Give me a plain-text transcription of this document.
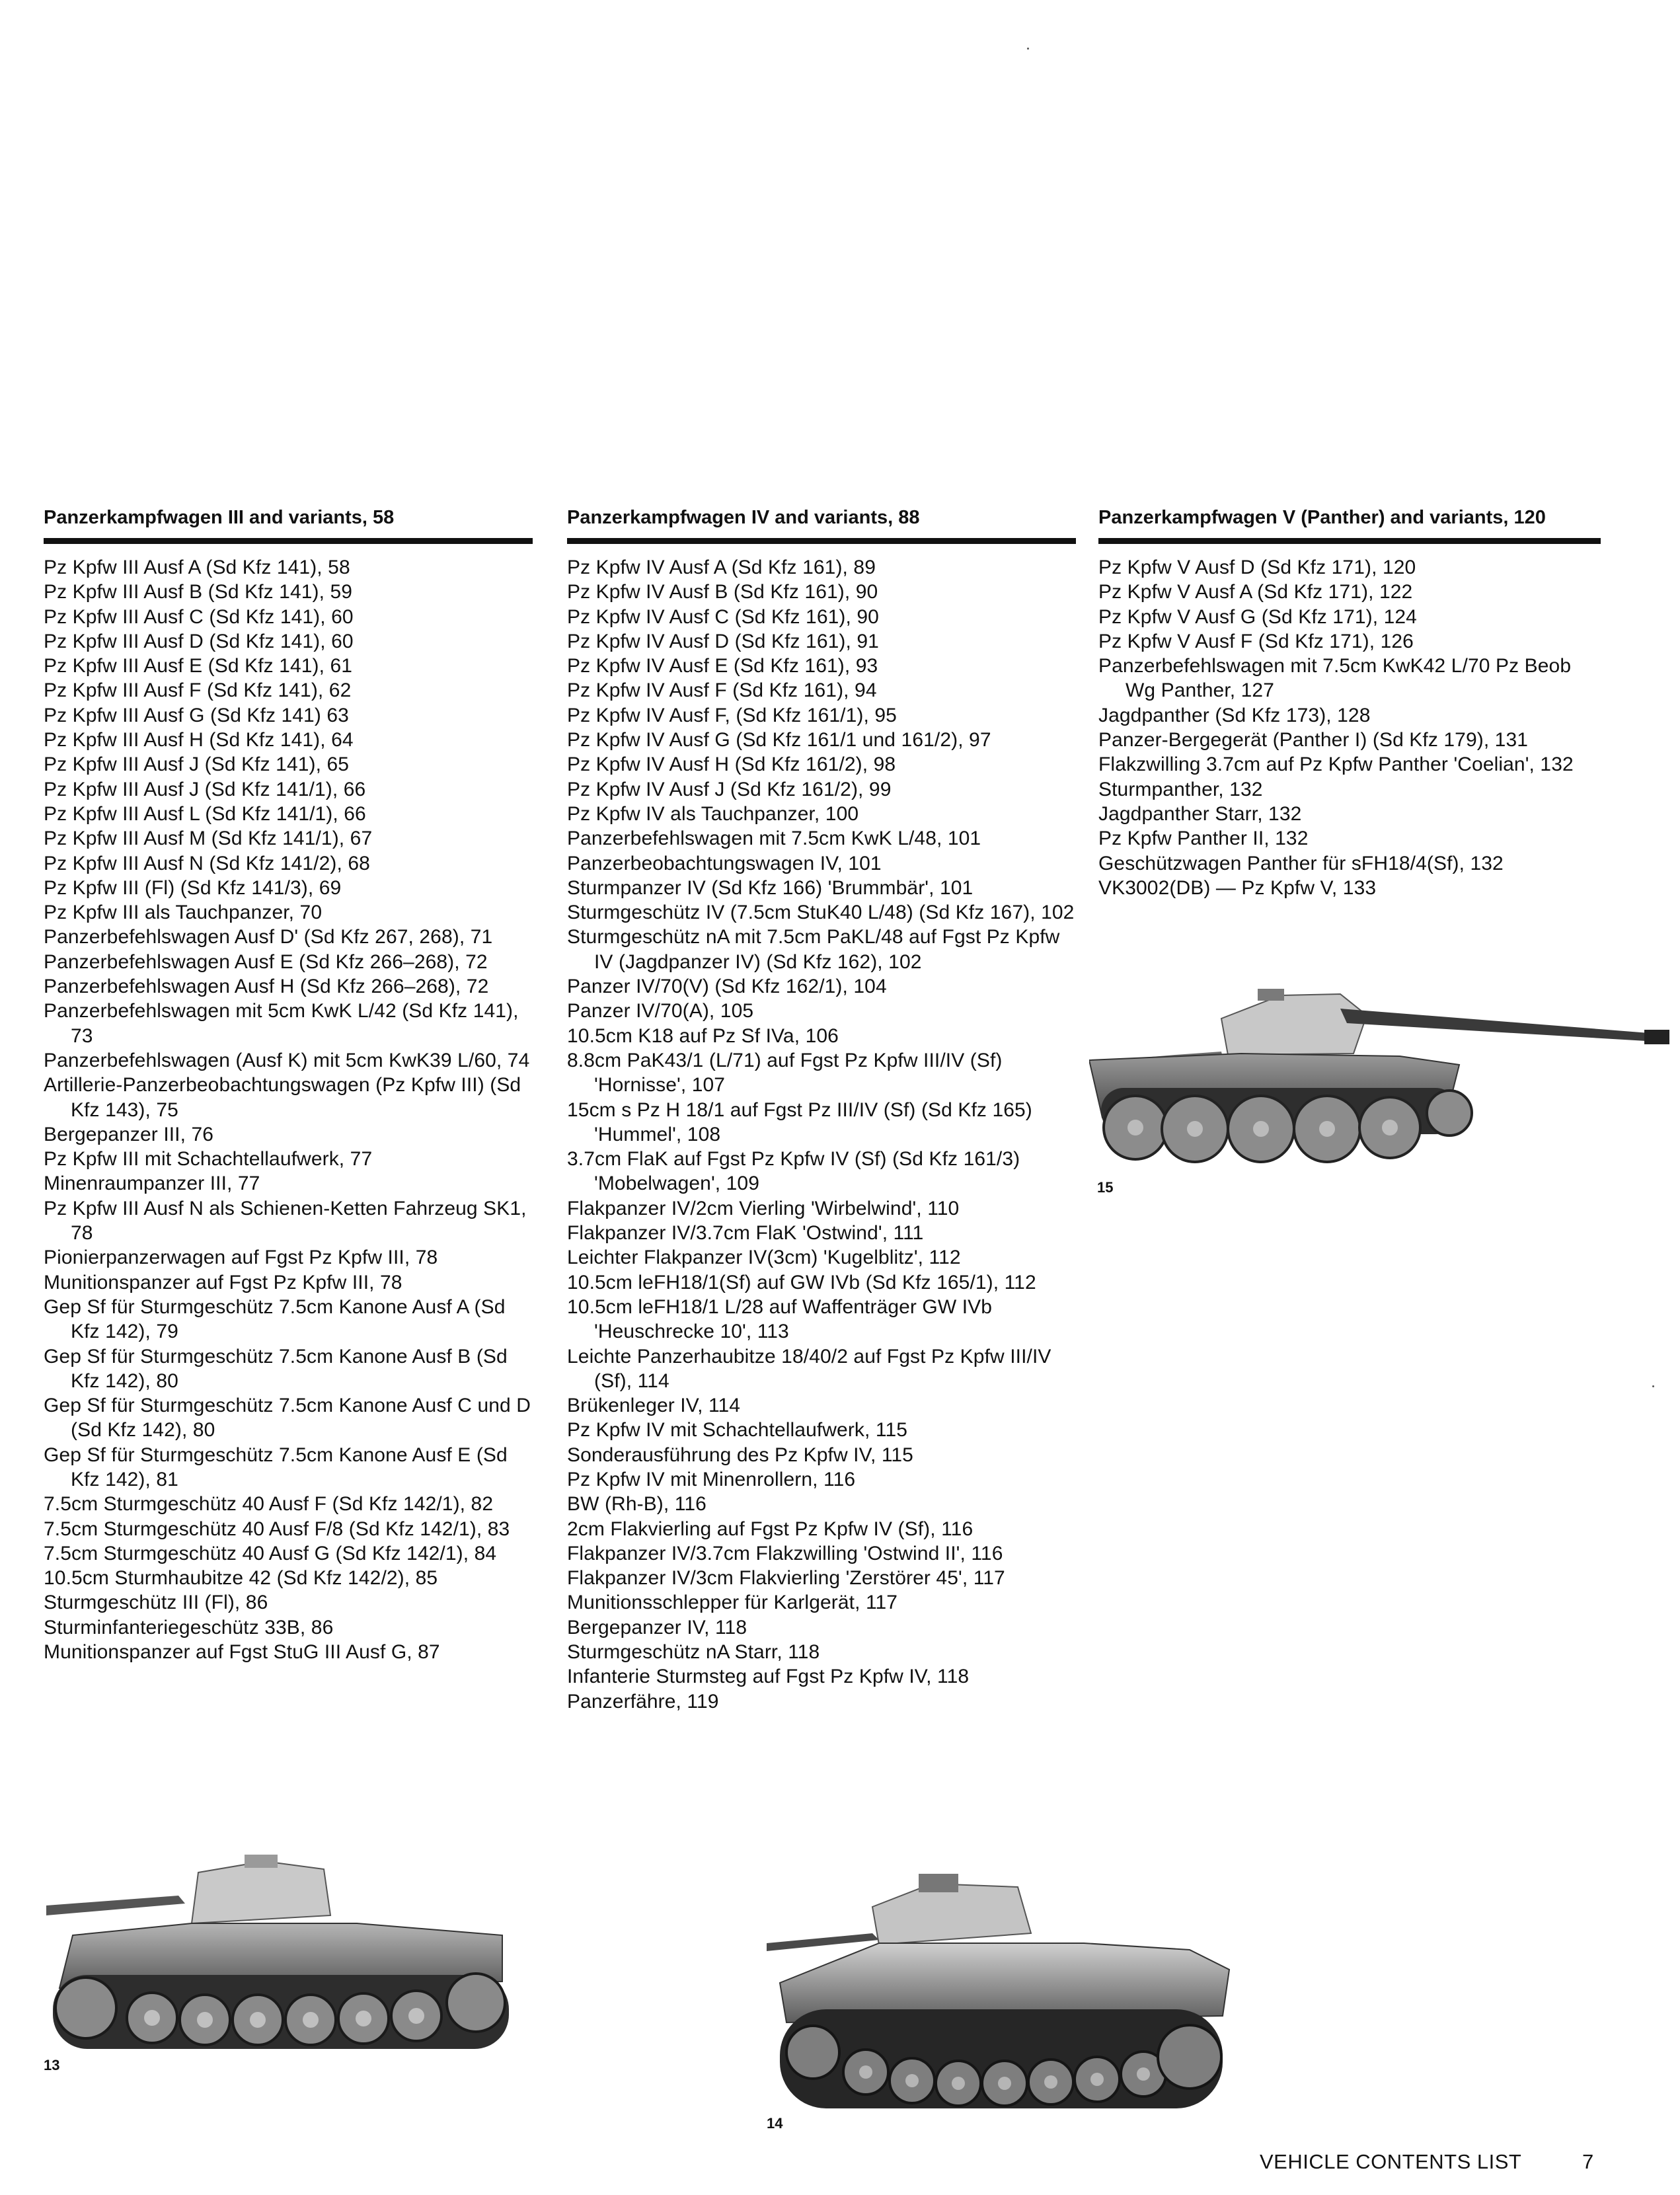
Panzerkampfwagen III and variants, 58
Pz Kpfw III Ausf A (Sd Kfz 141), 58
Pz Kpfw III Ausf B (Sd Kfz 141), 59
Pz Kpfw III Ausf C (Sd Kfz 141), 60
Pz Kpfw III Ausf D (Sd Kfz 141), 60
Pz Kpfw III Ausf E (Sd Kfz 141), 61
Pz Kpfw III Ausf F (Sd Kfz 141), 62
Pz Kpfw III Ausf G (Sd Kfz 141) 63
Pz Kpfw III Ausf H (Sd Kfz 141), 64
Pz Kpfw III Ausf J (Sd Kfz 141), 65
Pz Kpfw III Ausf J (Sd Kfz 141/1), 66
Pz Kpfw III Ausf L (Sd Kfz 141/1), 66
Pz Kpfw III Ausf M (Sd Kfz 141/1), 67
Pz Kpfw III Ausf N (Sd Kfz 141/2), 68
Pz Kpfw III (Fl) (Sd Kfz 141/3), 69
Pz Kpfw III als Tauchpanzer, 70
Panzerbefehlswagen Ausf D' (Sd Kfz 267, 268), 71
Panzerbefehlswagen Ausf E (Sd Kfz 266–268), 72
Panzerbefehlswagen Ausf H (Sd Kfz 266–268), 72
Panzerbefehlswagen mit 5cm KwK L/42 (Sd Kfz 141), 73
Panzerbefehlswagen (Ausf K) mit 5cm KwK39 L/60, 74
Artillerie-Panzerbeobachtungswagen (Pz Kpfw III) (Sd Kfz 143), 75
Bergepanzer III, 76
Pz Kpfw III mit Schachtellaufwerk, 77
Minenraumpanzer III, 77
Pz Kpfw III Ausf N als Schienen-Ketten Fahrzeug SK1, 78
Pionierpanzerwagen auf Fgst Pz Kpfw III, 78
Munitionspanzer auf Fgst Pz Kpfw III, 78
Gep Sf für Sturmgeschütz 7.5cm Kanone Ausf A (Sd Kfz 142), 79
Gep Sf für Sturmgeschütz 7.5cm Kanone Ausf B (Sd Kfz 142), 80
Gep Sf für Sturmgeschütz 7.5cm Kanone Ausf C und D (Sd Kfz 142), 80
Gep Sf für Sturmgeschütz 7.5cm Kanone Ausf E (Sd Kfz 142), 81
7.5cm Sturmgeschütz 40 Ausf F (Sd Kfz 142/1), 82
7.5cm Sturmgeschütz 40 Ausf F/8 (Sd Kfz 142/1), 83
7.5cm Sturmgeschütz 40 Ausf G (Sd Kfz 142/1), 84
10.5cm Sturmhaubitze 42 (Sd Kfz 142/2), 85
Sturmgeschütz III (Fl), 86
Sturminfanteriegeschütz 33B, 86
Munitionspanzer auf Fgst StuG III Ausf G, 87
Panzerkampfwagen IV and variants, 88
Pz Kpfw IV Ausf A (Sd Kfz 161), 89
Pz Kpfw IV Ausf B (Sd Kfz 161), 90
Pz Kpfw IV Ausf C (Sd Kfz 161), 90
Pz Kpfw IV Ausf D (Sd Kfz 161), 91
Pz Kpfw IV Ausf E (Sd Kfz 161), 93
Pz Kpfw IV Ausf F (Sd Kfz 161), 94
Pz Kpfw IV Ausf F, (Sd Kfz 161/1), 95
Pz Kpfw IV Ausf G (Sd Kfz 161/1 und 161/2), 97
Pz Kpfw IV Ausf H (Sd Kfz 161/2), 98
Pz Kpfw IV Ausf J (Sd Kfz 161/2), 99
Pz Kpfw IV als Tauchpanzer, 100
Panzerbefehlswagen mit 7.5cm KwK L/48, 101
Panzerbeobachtungswagen IV, 101
Sturmpanzer IV (Sd Kfz 166) 'Brummbär', 101
Sturmgeschütz IV (7.5cm StuK40 L/48) (Sd Kfz 167), 102
Sturmgeschütz nA mit 7.5cm PaKL/48 auf Fgst Pz Kpfw IV (Jagdpanzer IV) (Sd Kfz 162), 102
Panzer IV/70(V) (Sd Kfz 162/1), 104
Panzer IV/70(A), 105
10.5cm K18 auf Pz Sf IVa, 106
8.8cm PaK43/1 (L/71) auf Fgst Pz Kpfw III/IV (Sf) 'Hornisse', 107
15cm s Pz H 18/1 auf Fgst Pz III/IV (Sf) (Sd Kfz 165) 'Hummel', 108
3.7cm FlaK auf Fgst Pz Kpfw IV (Sf) (Sd Kfz 161/3) 'Mobelwagen', 109
Flakpanzer IV/2cm Vierling 'Wirbelwind', 110
Flakpanzer IV/3.7cm FlaK 'Ostwind', 111
Leichter Flakpanzer IV(3cm) 'Kugelblitz', 112
10.5cm leFH18/1(Sf) auf GW IVb (Sd Kfz 165/1), 112
10.5cm leFH18/1 L/28 auf Waffenträger GW IVb 'Heuschrecke 10', 113
Leichte Panzerhaubitze 18/40/2 auf Fgst Pz Kpfw III/IV (Sf), 114
Brükenleger IV, 114
Pz Kpfw IV mit Schachtellaufwerk, 115
Sonderausführung des Pz Kpfw IV, 115
Pz Kpfw IV mit Minenrollern, 116
BW (Rh-B), 116
2cm Flakvierling auf Fgst Pz Kpfw IV (Sf), 116
Flakpanzer IV/3.7cm Flakzwilling 'Ostwind II', 116
Flakpanzer IV/3cm Flakvierling 'Zerstörer 45', 117
Munitionsschlepper für Karlgerät, 117
Bergepanzer IV, 118
Sturmgeschütz nA Starr, 118
Infanterie Sturmsteg auf Fgst Pz Kpfw IV, 118
Panzerfähre, 119
Panzerkampfwagen V (Panther) and variants, 120
Pz Kpfw V Ausf D (Sd Kfz 171), 120
Pz Kpfw V Ausf A (Sd Kfz 171), 122
Pz Kpfw V Ausf G (Sd Kfz 171), 124
Pz Kpfw V Ausf F (Sd Kfz 171), 126
Panzerbefehlswagen mit 7.5cm KwK42 L/70 Pz Beob Wg Panther, 127
Jagdpanther (Sd Kfz 173), 128
Panzer-Bergegerät (Panther I) (Sd Kfz 179), 131
Flakzwilling 3.7cm auf Pz Kpfw Panther 'Coelian', 132
Sturmpanther, 132
Jagdpanther Starr, 132
Pz Kpfw Panther II, 132
Geschützwagen Panther für sFH18/4(Sf), 132
VK3002(DB) — Pz Kpfw V, 133
15
13
14
VEHICLE CONTENTS LIST	7
